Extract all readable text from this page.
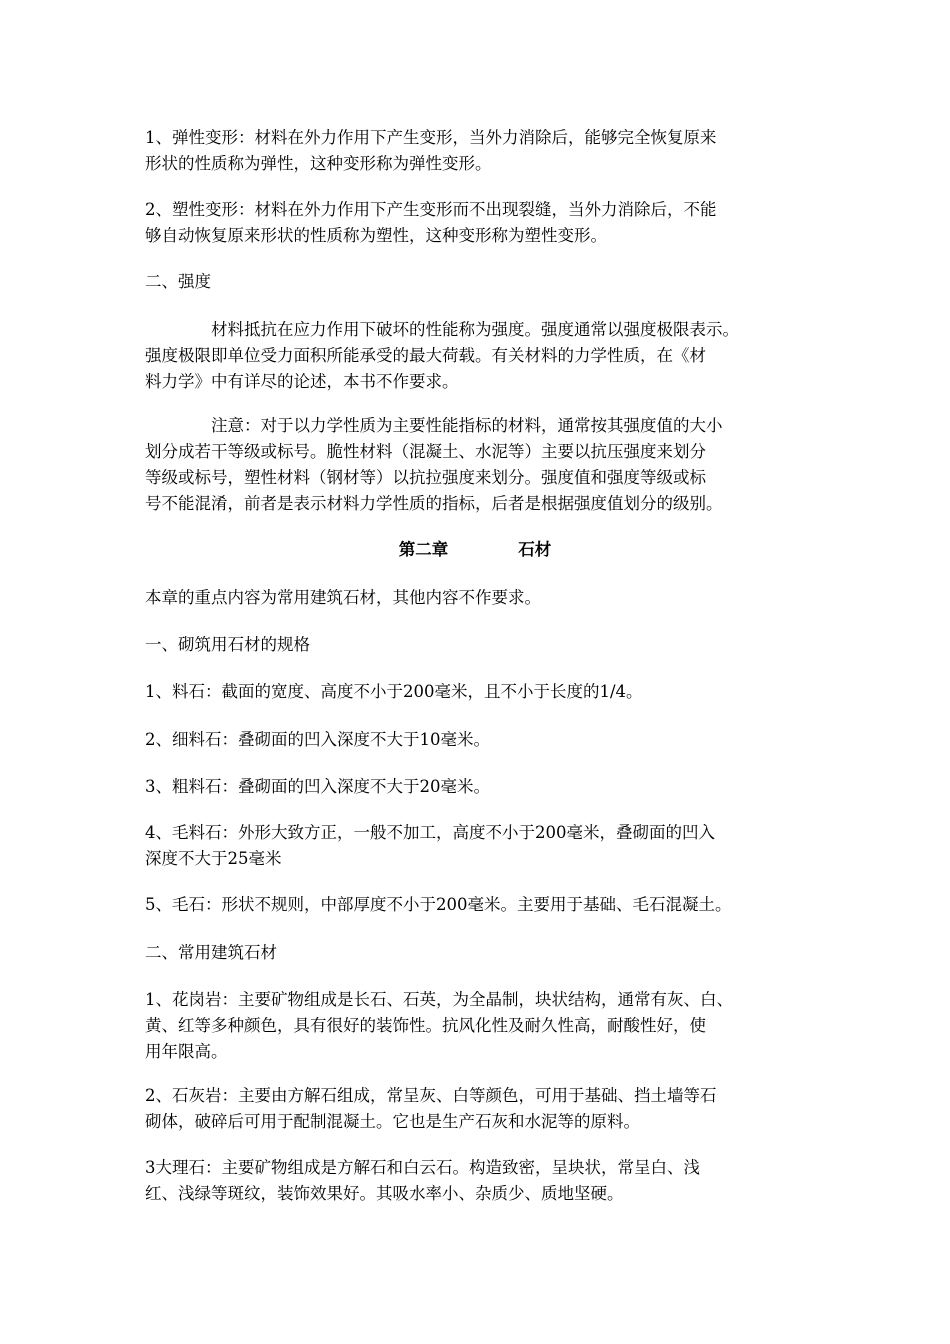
1、弹性变形：材料在外力作用下产生变形，当外力消除后，能够完全恢复原来
形状的性质称为弹性，这种变形称为弹性变形。
2、塑性变形：材料在外力作用下产生变形而不出现裂缝，当外力消除后，不能
够自动恢复原来形状的性质称为塑性，这种变形称为塑性变形。
二、强度
材料抵抗在应力作用下破坏的性能称为强度。强度通常以强度极限表示。
强度极限即单位受力面积所能承受的最大荷载。有关材料的力学性质，在《材
料力学》中有详尽的论述，本书不作要求。
注意：对于以力学性质为主要性能指标的材料，通常按其强度值的大小
划分成若干等级或标号。脆性材料（混凝土、水泥等）主要以抗压强度来划分
等级或标号，塑性材料（钢材等）以抗拉强度来划分。强度值和强度等级或标
号不能混淆，前者是表示材料力学性质的指标，后者是根据强度值划分的级别。
第二章	石材
本章的重点内容为常用建筑石材，其他内容不作要求。
一、砌筑用石材的规格
1、料石：截面的宽度、高度不小于200毫米，且不小于长度的1/4。
2、细料石：叠砌面的凹入深度不大于10毫米。
3、粗料石：叠砌面的凹入深度不大于20毫米。
4、毛料石：外形大致方正，一般不加工，高度不小于200毫米，叠砌面的凹入
深度不大于25毫米
5、毛石：形状不规则，中部厚度不小于200毫米。主要用于基础、毛石混凝土。
二、常用建筑石材
1、花岗岩：主要矿物组成是长石、石英，为全晶制，块状结构，通常有灰、白、
黄、红等多种颜色，具有很好的装饰性。抗风化性及耐久性高，耐酸性好，使
用年限高。
2、石灰岩：主要由方解石组成，常呈灰、白等颜色，可用于基础、挡土墙等石
砌体，破碎后可用于配制混凝土。它也是生产石灰和水泥等的原料。
3大理石：主要矿物组成是方解石和白云石。构造致密，呈块状，常呈白、浅
红、浅绿等斑纹，装饰效果好。其吸水率小、杂质少、质地坚硬。
